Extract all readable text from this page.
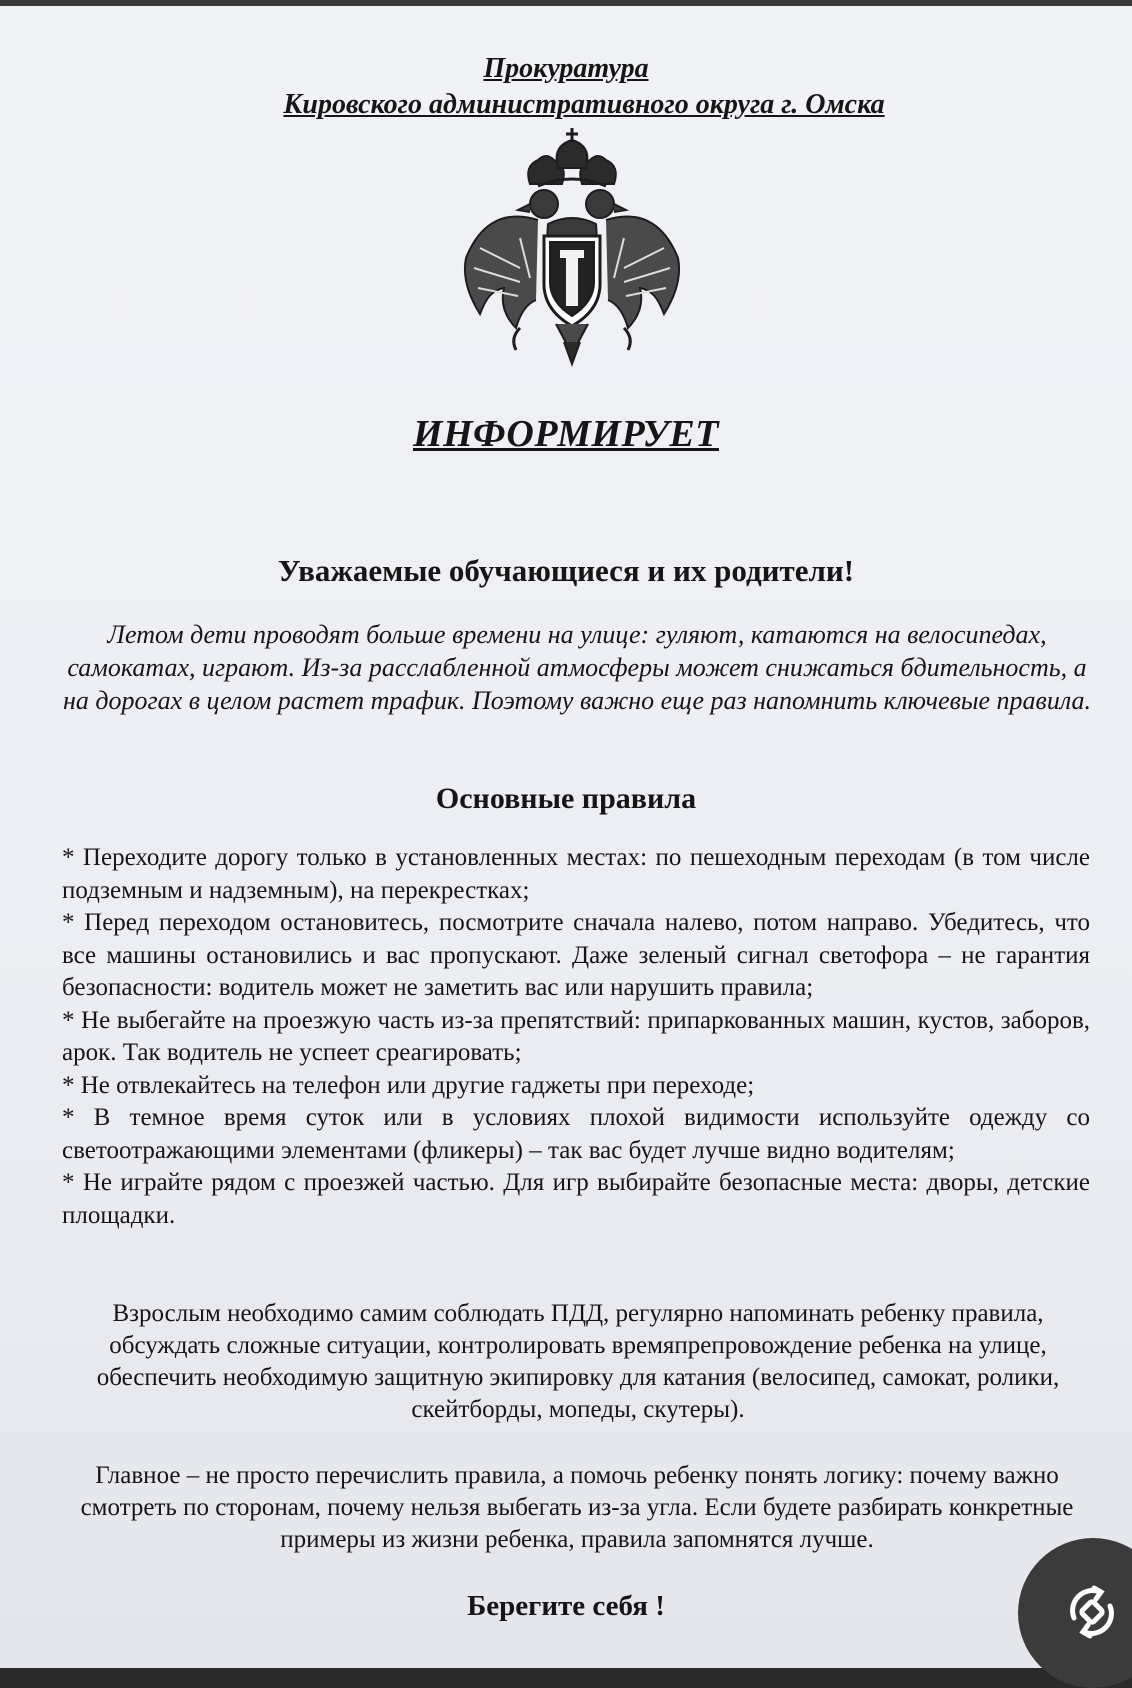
Прокуратура

Кировского административного округа г. Омска

ИНФОРМИРУЕТ
Уважаемые обучающиеся и их родители!

Летом дети проводят больше времени на улице: гуляют, катаются на велосипедах, самокатах, играют. Из-за расслабленной атмосферы может снижаться бдительность, а на дорогах в целом растет трафик. Поэтому важно еще раз напомнить ключевые правила.

Основные правила
* Переходите дорогу только в установленных местах: по пешеходным переходам (в том числе подземным и надземным), на перекрестках;
* Перед переходом остановитесь, посмотрите сначала налево, потом направо. Убедитесь, что все машины остановились и вас пропускают. Даже зеленый сигнал светофора – не гарантия безопасности: водитель может не заметить вас или нарушить правила;
* Не выбегайте на проезжую часть из-за препятствий: припаркованных машин, кустов, заборов, арок. Так водитель не успеет среагировать;
* Не отвлекайтесь на телефон или другие гаджеты при переходе;
* В темное время суток или в условиях плохой видимости используйте одежду со светоотражающими элементами (фликеры) – так вас будет лучше видно водителям;
* Не играйте рядом с проезжей частью. Для игр выбирайте безопасные места: дворы, детские площадки.

Взрослым необходимо самим соблюдать ПДД, регулярно напоминать ребенку правила, обсуждать сложные ситуации, контролировать времяпрепровождение ребенка на улице, обеспечить необходимую защитную экипировку для катания (велосипед, самокат, ролики, скейтборды, мопеды, скутеры).

Главное – не просто перечислить правила, а помочь ребенку понять логику: почему важно смотреть по сторонам, почему нельзя выбегать из-за угла. Если будете разбирать конкретные примеры из жизни ребенка, правила запомнятся лучше.

Берегите себя !
